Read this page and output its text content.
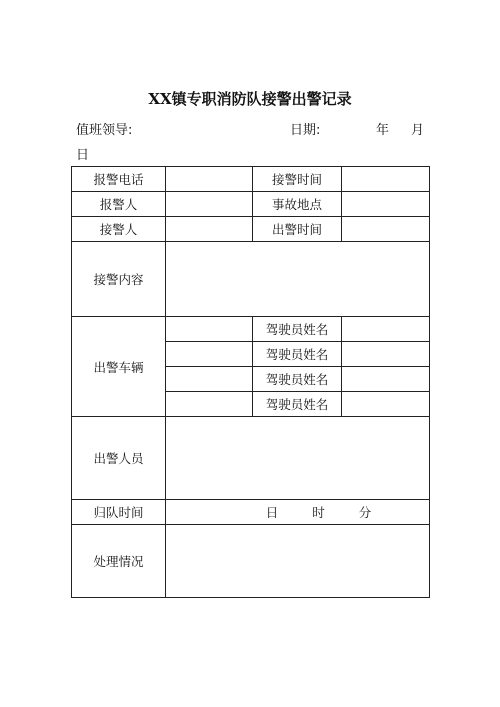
XX镇专职消防队接警出警记录
值班领导:	日期:	年 月
日
报警电话		接警时间	
报警人		事故地点	
接警人		出警时间	
接警内容			
出警车辆		驾驶员姓名	
		驾驶员姓名	
		驾驶员姓名	
		驾驶员姓名	
出警人员			
归队时间	日 时 分		
处理情况			
